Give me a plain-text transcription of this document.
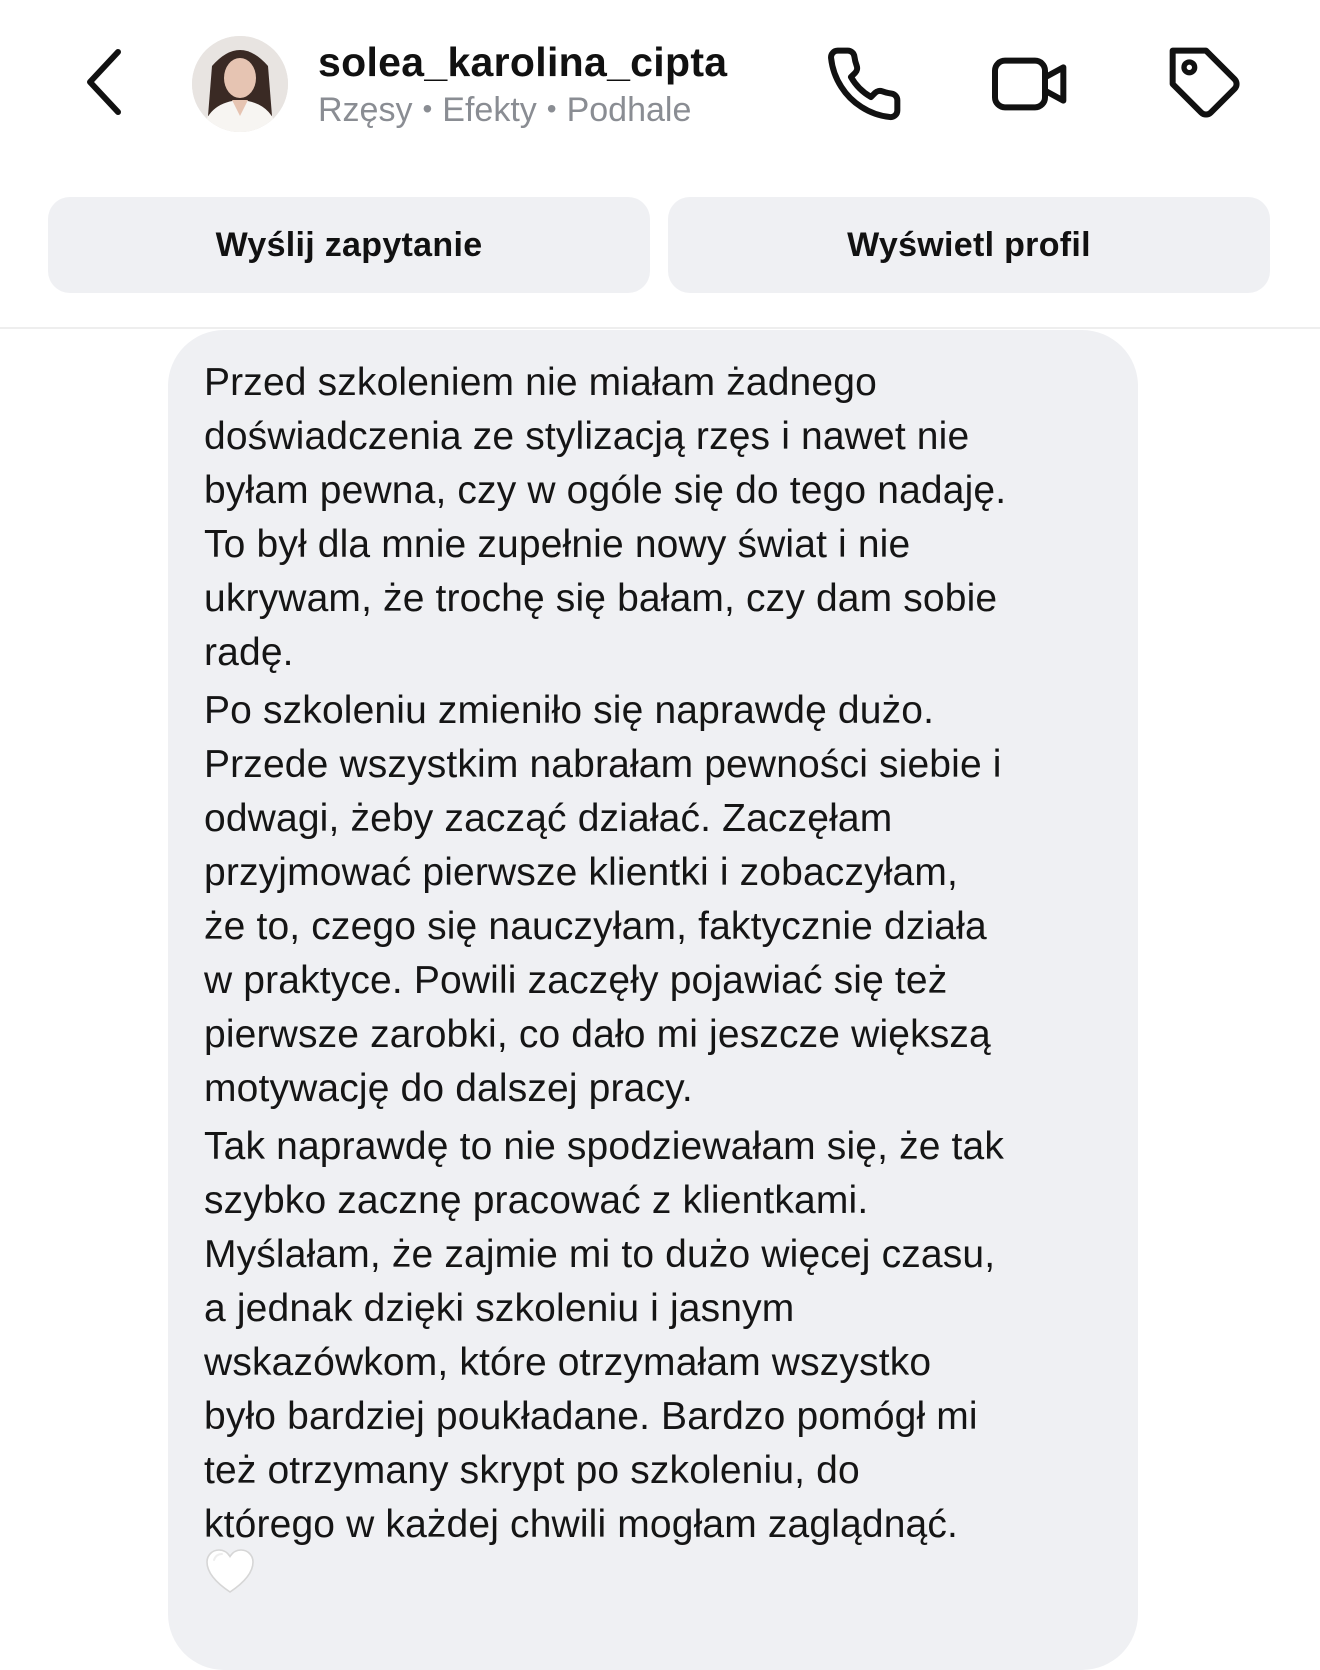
solea_karolina_cipta
Rzęsy • Efekty • Podhale
Wyślij zapytanie	Wyświetl profil

Przed szkoleniem nie miałam żadnego
doświadczenia ze stylizacją rzęs i nawet nie
byłam pewna, czy w ogóle się do tego nadaję.
To był dla mnie zupełnie nowy świat i nie
ukrywam, że trochę się bałam, czy dam sobie
radę.

Po szkoleniu zmieniło się naprawdę dużo.
Przede wszystkim nabrałam pewności siebie i
odwagi, żeby zacząć działać. Zaczęłam
przyjmować pierwsze klientki i zobaczyłam,
że to, czego się nauczyłam, faktycznie działa
w praktyce. Powili zaczęły pojawiać się też
pierwsze zarobki, co dało mi jeszcze większą
motywację do dalszej pracy.

Tak naprawdę to nie spodziewałam się, że tak
szybko zacznę pracować z klientkami.
Myślałam, że zajmie mi to dużo więcej czasu,
a jednak dzięki szkoleniu i jasnym
wskazówkom, które otrzymałam wszystko
było bardziej poukładane. Bardzo pomógł mi
też otrzymany skrypt po szkoleniu, do
którego w każdej chwili mogłam zaglądnąć.
